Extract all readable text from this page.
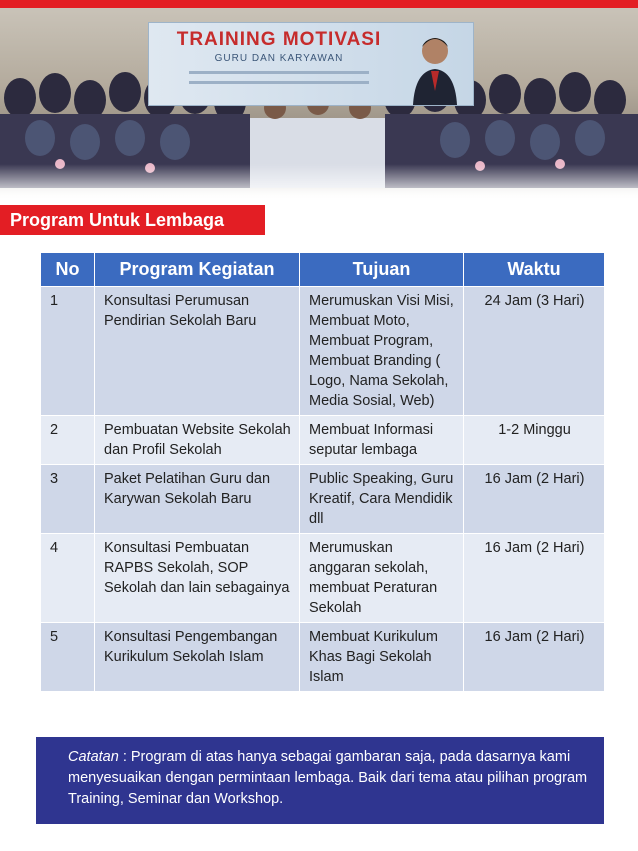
TRAINING MOTIVASI
GURU DAN KARYAWAN
Program Untuk Lembaga
No	Program Kegiatan	Tujuan	Waktu
1	Konsultasi Perumusan Pendirian Sekolah Baru	Merumuskan Visi Misi, Membuat Moto, Membuat Program, Membuat Branding ( Logo, Nama Sekolah, Media Sosial, Web)	24 Jam (3 Hari)
2	Pembuatan Website Sekolah dan Profil Sekolah	Membuat Informasi seputar lembaga	1-2 Minggu
3	Paket Pelatihan Guru dan Karywan Sekolah Baru	Public Speaking, Guru Kreatif, Cara Mendidik dll	16 Jam (2 Hari)
4	Konsultasi Pembuatan RAPBS Sekolah, SOP Sekolah dan lain sebagainya	Merumuskan anggaran sekolah, membuat Peraturan Sekolah	16 Jam (2 Hari)
5	Konsultasi Pengembangan Kurikulum Sekolah Islam	Membuat Kurikulum Khas Bagi Sekolah Islam	16 Jam (2 Hari)
Catatan : Program di atas hanya sebagai gambaran saja, pada dasarnya kami menyesuaikan dengan permintaan lembaga. Baik dari tema atau pilihan program Training, Seminar dan Workshop.
